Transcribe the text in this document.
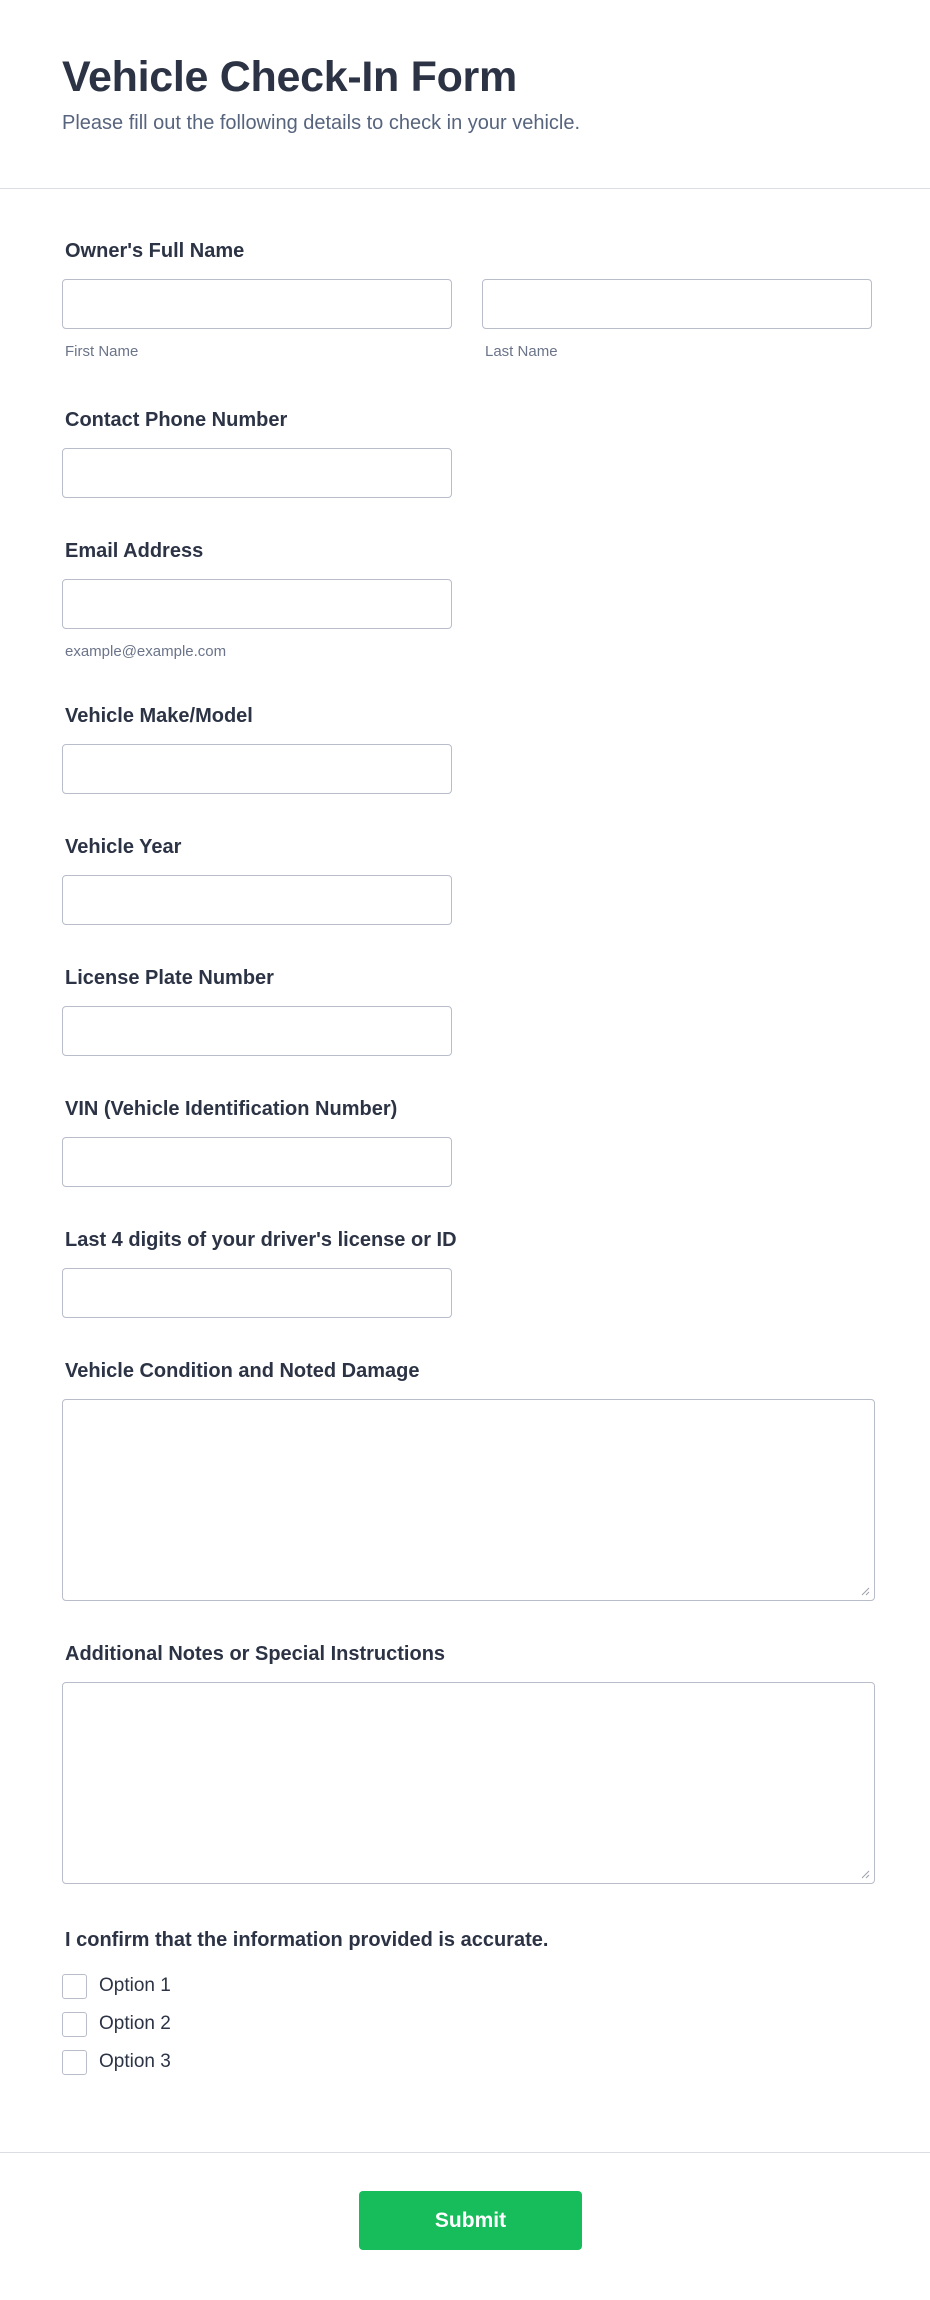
Vehicle Check-In Form
Please fill out the following details to check in your vehicle.
Owner's Full Name
First Name	Last Name
Contact Phone Number
Email Address
example@example.com
Vehicle Make/Model
Vehicle Year
License Plate Number
VIN (Vehicle Identification Number)
Last 4 digits of your driver's license or ID
Vehicle Condition and Noted Damage
Additional Notes or Special Instructions
I confirm that the information provided is accurate.
Option 1
Option 2
Option 3
Submit
